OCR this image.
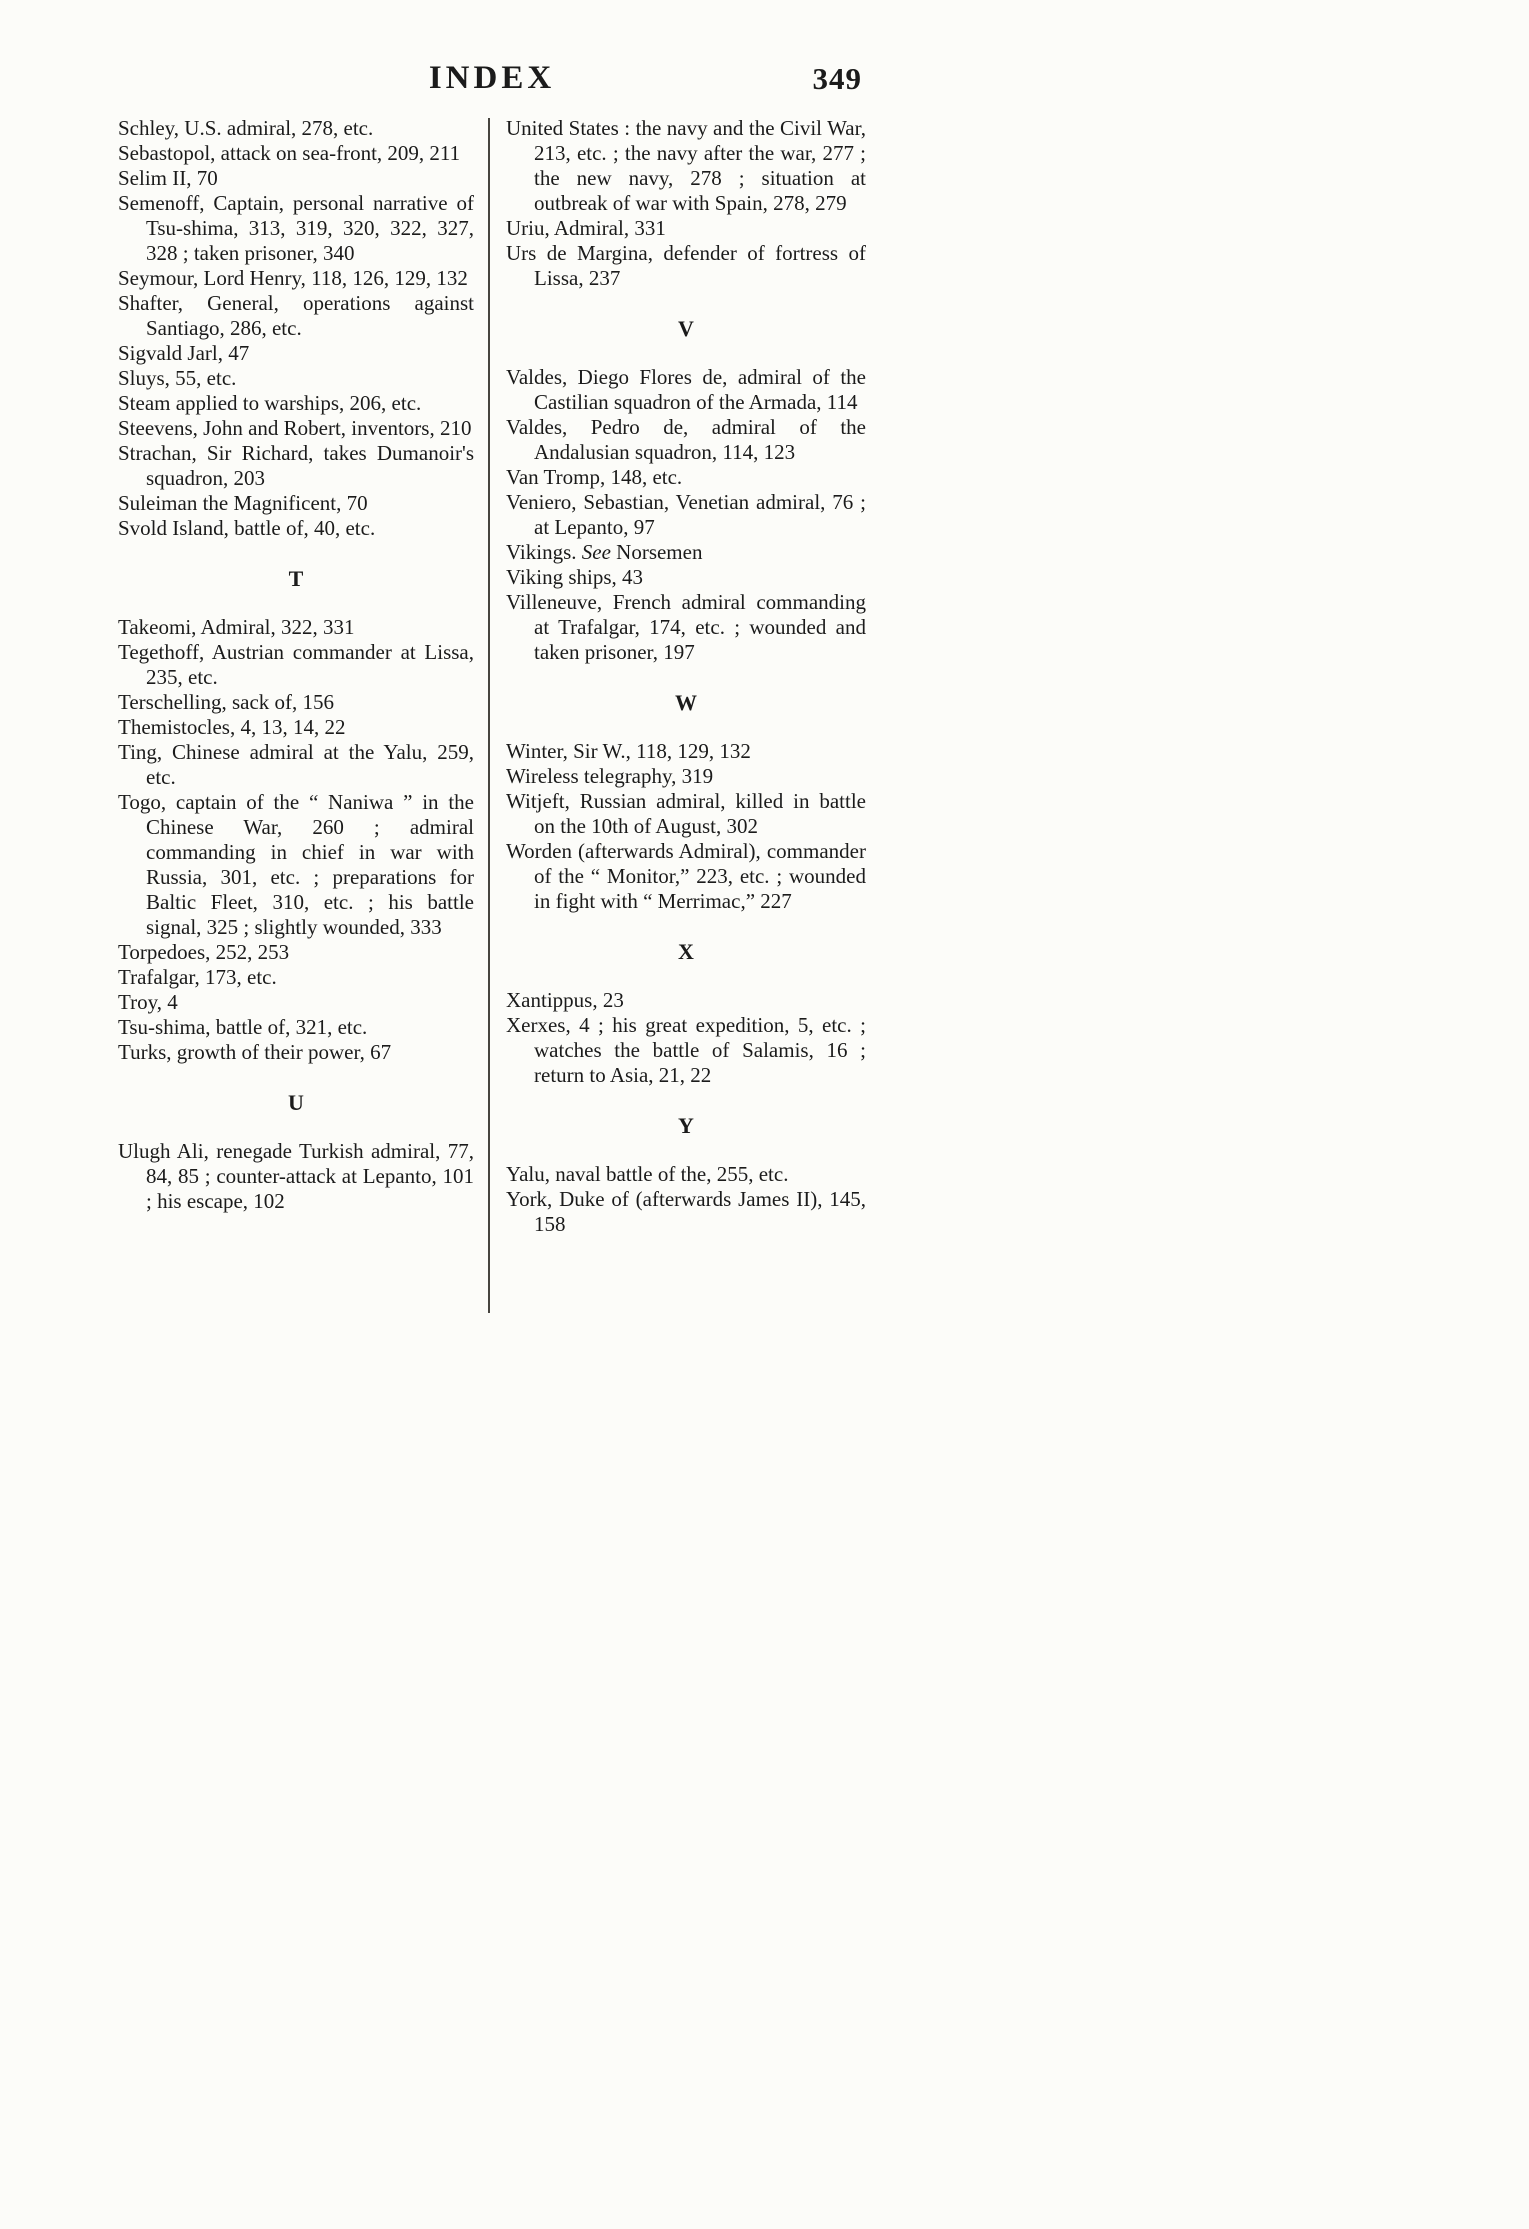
INDEX	349
Schley, U.S. admiral, 278, etc.
Sebastopol, attack on sea-front, 209, 211
Selim II, 70
Semenoff, Captain, personal narrative of Tsu-shima, 313, 319, 320, 322, 327, 328 ; taken prisoner, 340
Seymour, Lord Henry, 118, 126, 129, 132
Shafter, General, operations against Santiago, 286, etc.
Sigvald Jarl, 47
Sluys, 55, etc.
Steam applied to warships, 206, etc.
Steevens, John and Robert, inventors, 210
Strachan, Sir Richard, takes Dumanoir's squadron, 203
Suleiman the Magnificent, 70
Svold Island, battle of, 40, etc.
T
Takeomi, Admiral, 322, 331
Tegethoff, Austrian commander at Lissa, 235, etc.
Terschelling, sack of, 156
Themistocles, 4, 13, 14, 22
Ting, Chinese admiral at the Yalu, 259, etc.
Togo, captain of the “ Naniwa ” in the Chinese War, 260 ; admiral commanding in chief in war with Russia, 301, etc. ; preparations for Baltic Fleet, 310, etc. ; his battle signal, 325 ; slightly wounded, 333
Torpedoes, 252, 253
Trafalgar, 173, etc.
Troy, 4
Tsu-shima, battle of, 321, etc.
Turks, growth of their power, 67
U
Ulugh Ali, renegade Turkish admiral, 77, 84, 85 ; counter-attack at Lepanto, 101 ; his escape, 102
United States : the navy and the Civil War, 213, etc. ; the navy after the war, 277 ; the new navy, 278 ; situation at outbreak of war with Spain, 278, 279
Uriu, Admiral, 331
Urs de Margina, defender of fortress of Lissa, 237
V
Valdes, Diego Flores de, admiral of the Castilian squadron of the Armada, 114
Valdes, Pedro de, admiral of the Andalusian squadron, 114, 123
Van Tromp, 148, etc.
Veniero, Sebastian, Venetian admiral, 76 ; at Lepanto, 97
Vikings. See Norsemen
Viking ships, 43
Villeneuve, French admiral commanding at Trafalgar, 174, etc. ; wounded and taken prisoner, 197
W
Winter, Sir W., 118, 129, 132
Wireless telegraphy, 319
Witjeft, Russian admiral, killed in battle on the 10th of August, 302
Worden (afterwards Admiral), commander of the “ Monitor,” 223, etc. ; wounded in fight with “ Merrimac,” 227
X
Xantippus, 23
Xerxes, 4 ; his great expedition, 5, etc. ; watches the battle of Salamis, 16 ; return to Asia, 21, 22
Y
Yalu, naval battle of the, 255, etc.
York, Duke of (afterwards James II), 145, 158
